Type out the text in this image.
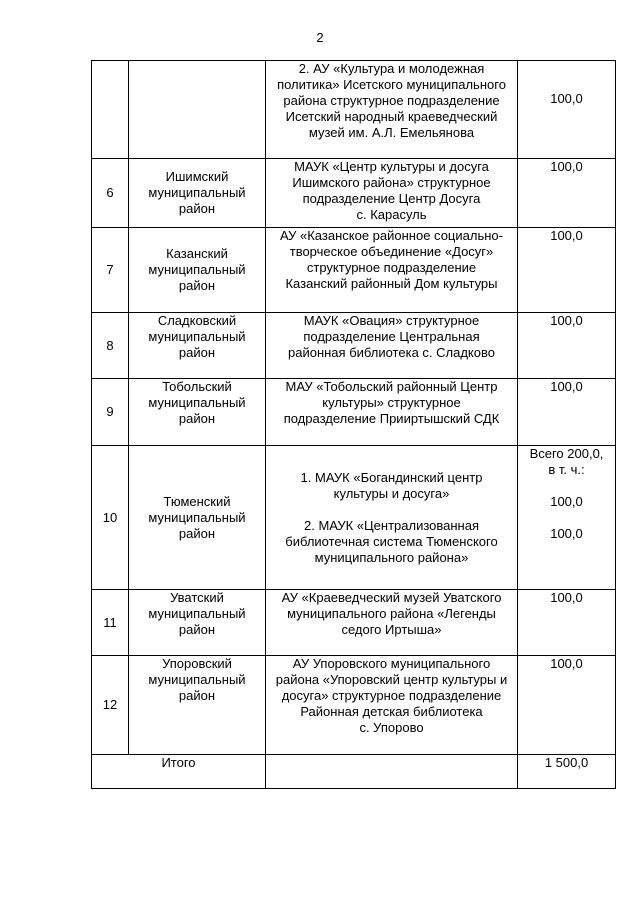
2

		2. АУ «Культура и молодежная
политика» Исетского муниципального
района структурное подразделение
Исетский народный краеведческий
музей им. А.Л. Емельянова	100,0

6	Ишимский
муниципальный
район	МАУК «Центр культуры и досуга
Ишимского района» структурное
подразделение Центр Досуга
с. Карасуль	100,0

7	Казанский
муниципальный
район	АУ «Казанское районное социально-
творческое объединение «Досуг»
структурное подразделение
Казанский районный Дом культуры	100,0

8	Сладковский
муниципальный
район	МАУК «Овация» структурное
подразделение Центральная
районная библиотека с. Сладково	100,0

9	Тобольский
муниципальный
район	МАУ «Тобольский районный Центр
культуры» структурное
подразделение Прииртышский СДК	100,0

10	Тюменский
муниципальный
район	1. МАУК «Богандинский центр
культуры и досуга»
2. МАУК «Централизованная
библиотечная система Тюменского
муниципального района»	Всего 200,0,
в т. ч.:
100,0
100,0

11	Уватский
муниципальный
район	АУ «Краеведческий музей Уватского
муниципального района «Легенды
седого Иртыша»	100,0

12	Упоровский
муниципальный
район	АУ Упоровского муниципального
района «Упоровский центр культуры и
досуга» структурное подразделение
Районная детская библиотека
с. Упорово	100,0

Итого			1 500,0
